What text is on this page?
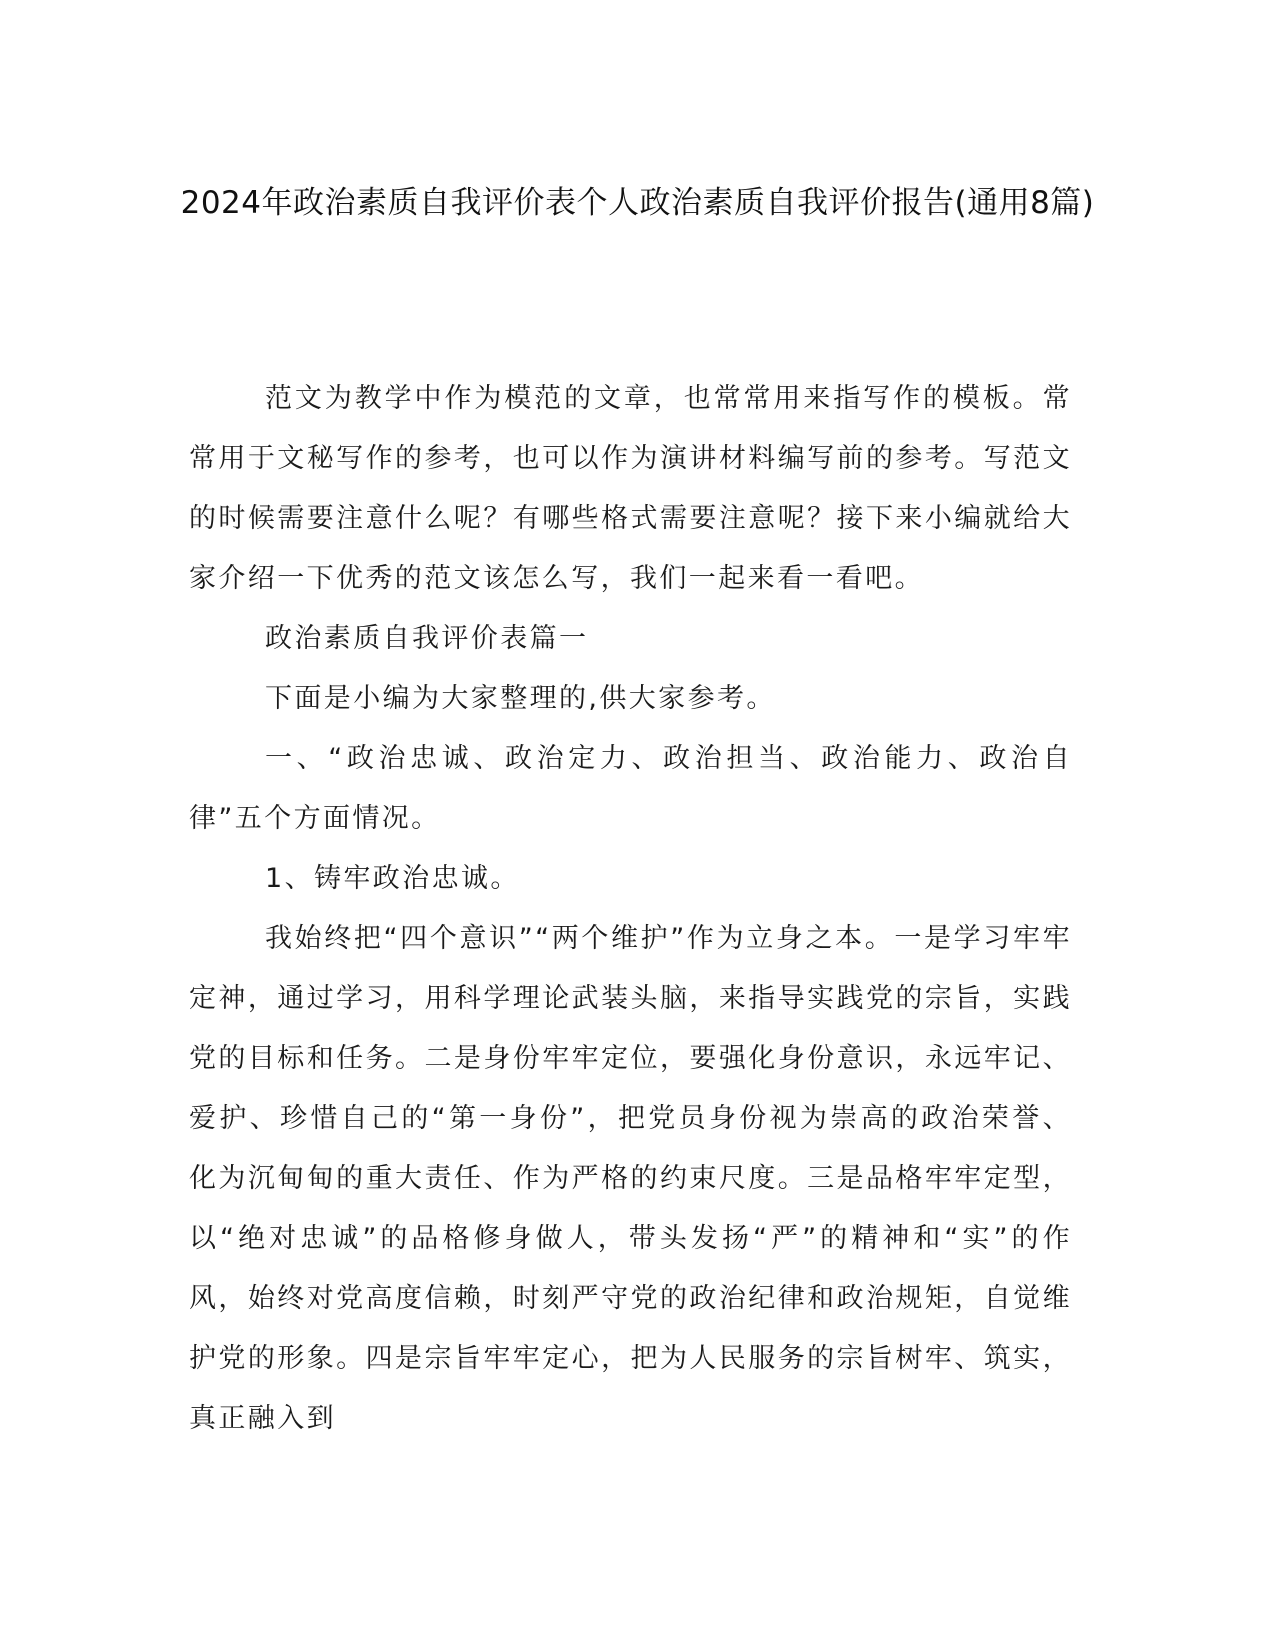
2024年政治素质自我评价表个人政治素质自我评价报告(通用8篇)

范文为教学中作为模范的文章，也常常用来指写作的模板。常常用于文秘写作的参考，也可以作为演讲材料编写前的参考。写范文的时候需要注意什么呢？有哪些格式需要注意呢？接下来小编就给大家介绍一下优秀的范文该怎么写，我们一起来看一看吧。

政治素质自我评价表篇一

下面是小编为大家整理的,供大家参考。

一、“政治忠诚、政治定力、政治担当、政治能力、政治自律”五个方面情况。

1、铸牢政治忠诚。

我始终把“四个意识”“两个维护”作为立身之本。一是学习牢牢定神，通过学习，用科学理论武装头脑，来指导实践党的宗旨，实践党的目标和任务。二是身份牢牢定位，要强化身份意识，永远牢记、爱护、珍惜自己的“第一身份”，把党员身份视为崇高的政治荣誉、化为沉甸甸的重大责任、作为严格的约束尺度。三是品格牢牢定型，以“绝对忠诚”的品格修身做人，带头发扬“严”的精神和“实”的作风，始终对党高度信赖，时刻严守党的政治纪律和政治规矩，自觉维护党的形象。四是宗旨牢牢定心，把为人民服务的宗旨树牢、筑实，真正融入到
